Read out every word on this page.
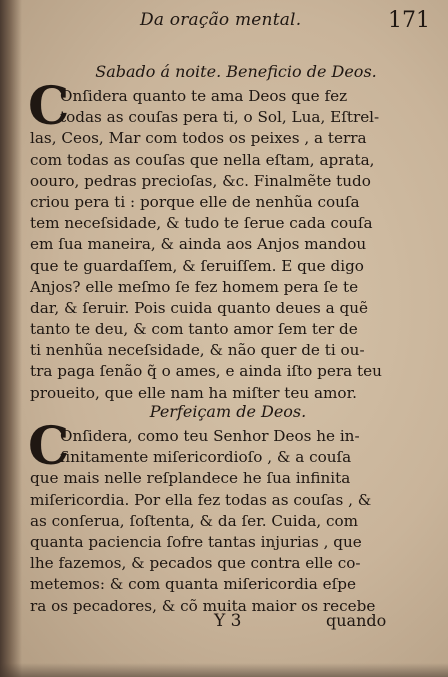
Da oração mental.	171
Sabado á noite. Beneficio de Deos.
C
Onſidera quanto te ama Deos que fez
todas as couſas pera ti, o Sol, Lua, Eſtrel-
las, Ceos, Mar com todos os peixes , a terra
com todas as couſas que nella eſtam, aprata,
oouro, pedras precioſas, &c. Finalmẽte tudo
criou pera ti : porque elle de nenhũa couſa
tem neceſsidade, & tudo te ſerue cada couſa
em ſua maneira, & ainda aos Anjos mandou
que te guardaſſem, & ſeruiſſem. E que digo
Anjos? elle meſmo ſe fez homem pera ſe te
dar, & ſeruir. Pois cuida quanto deues a quẽ
tanto te deu, & com tanto amor ſem ter de
ti nenhũa neceſsidade, & não quer de ti ou-
tra paga ſenão q̃ o ames, e ainda iſto pera teu
proueito, que elle nam ha miſter teu amor.
Perfeiçam de Deos.
C
Onſidera, como teu Senhor Deos he in-
finitamente miſericordioſo , & a couſa
que mais nelle reſplandece he ſua infinita
miſericordia. Por ella fez todas as couſas , &
as conſerua, ſoſtenta, & da ſer. Cuida, com
quanta paciencia ſofre tantas injurias , que
lhe fazemos, & pecados que contra elle co-
metemos: & com quanta miſericordia eſpe
ra os pecadores, & cõ muita maior os recebe
Y 3	quando
